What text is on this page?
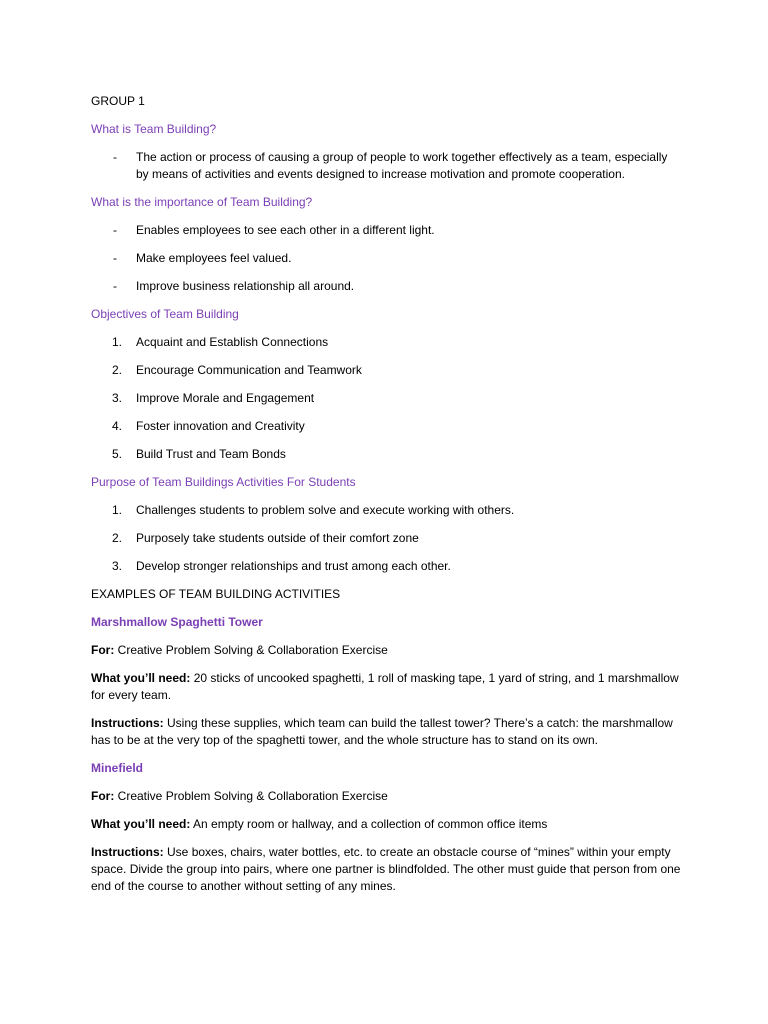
GROUP 1

What is Team Building?

- The action or process of causing a group of people to work together effectively as a team, especially by means of activities and events designed to increase motivation and promote cooperation.

What is the importance of Team Building?

- Enables employees to see each other in a different light.
- Make employees feel valued.
- Improve business relationship all around.

Objectives of Team Building

1. Acquaint and Establish Connections
2. Encourage Communication and Teamwork
3. Improve Morale and Engagement
4. Foster innovation and Creativity
5. Build Trust and Team Bonds

Purpose of Team Buildings Activities For Students

1. Challenges students to problem solve and execute working with others.
2. Purposely take students outside of their comfort zone
3. Develop stronger relationships and trust among each other.

EXAMPLES OF TEAM BUILDING ACTIVITIES

Marshmallow Spaghetti Tower

For: Creative Problem Solving & Collaboration Exercise

What you’ll need: 20 sticks of uncooked spaghetti, 1 roll of masking tape, 1 yard of string, and 1 marshmallow for every team.

Instructions: Using these supplies, which team can build the tallest tower? There’s a catch: the marshmallow has to be at the very top of the spaghetti tower, and the whole structure has to stand on its own.

Minefield

For: Creative Problem Solving & Collaboration Exercise

What you’ll need: An empty room or hallway, and a collection of common office items

Instructions: Use boxes, chairs, water bottles, etc. to create an obstacle course of “mines” within your empty space. Divide the group into pairs, where one partner is blindfolded. The other must guide that person from one end of the course to another without setting of any mines.
